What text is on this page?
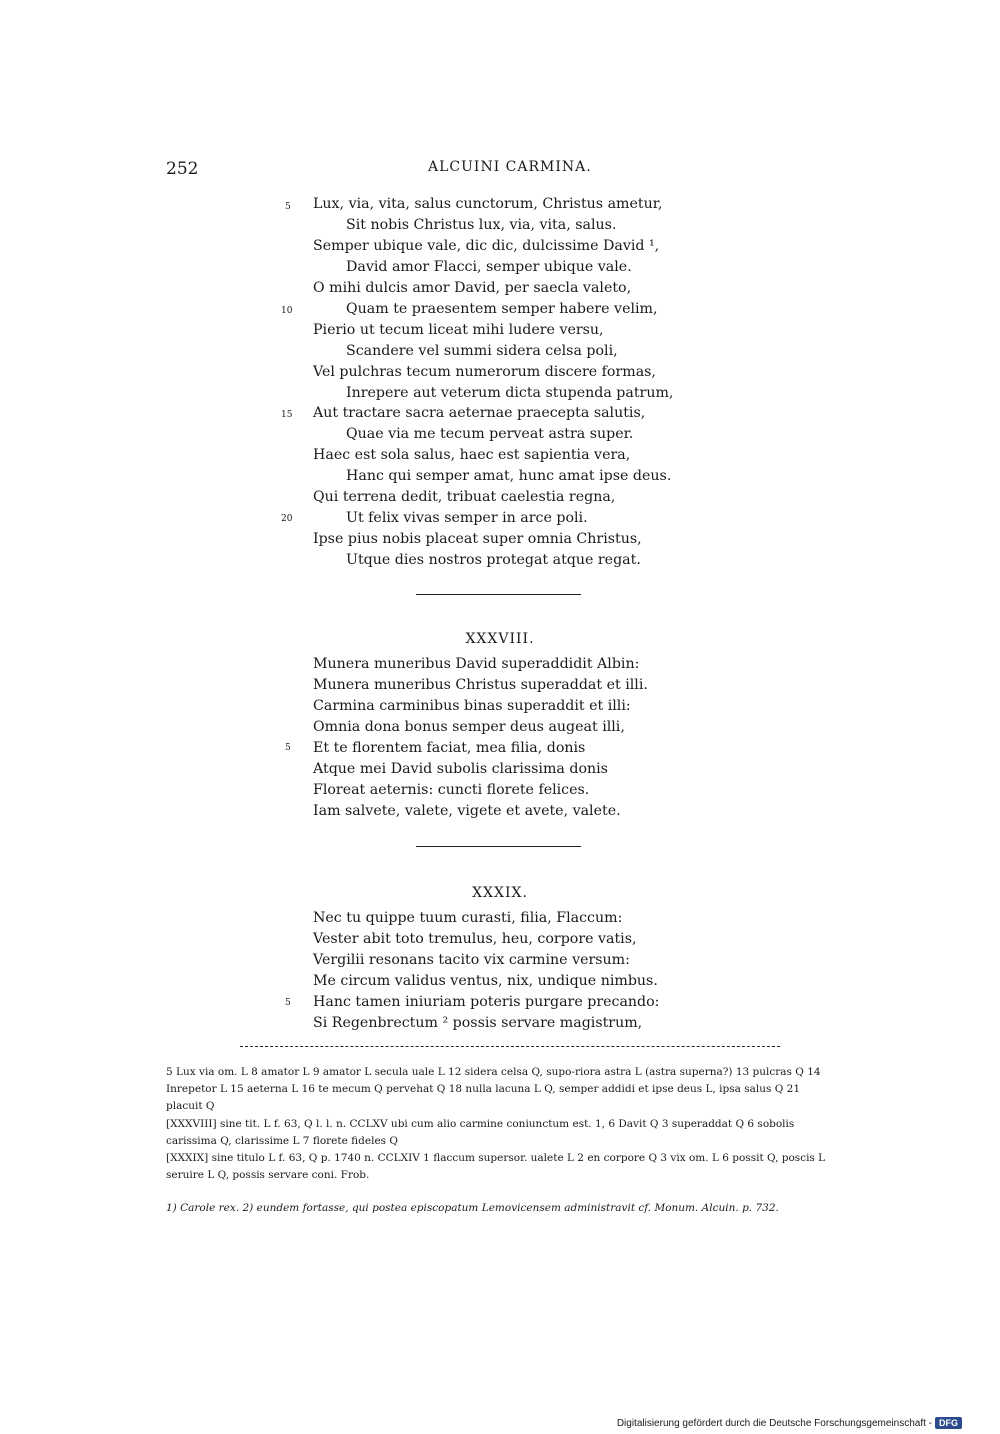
252	ALCUINI CARMINA.
5
10
15
20
Lux, via, vita, salus cunctorum, Christus ametur,
Sit nobis Christus lux, via, vita, salus.
Semper ubique vale, dic dic, dulcissime David ¹,
David amor Flacci, semper ubique vale.
O mihi dulcis amor David, per saecla valeto,
Quam te praesentem semper habere velim,
Pierio ut tecum liceat mihi ludere versu,
Scandere vel summi sidera celsa poli,
Vel pulchras tecum numerorum discere formas,
Inrepere aut veterum dicta stupenda patrum,
Aut tractare sacra aeternae praecepta salutis,
Quae via me tecum perveat astra super.
Haec est sola salus, haec est sapientia vera,
Hanc qui semper amat, hunc amat ipse deus.
Qui terrena dedit, tribuat caelestia regna,
Ut felix vivas semper in arce poli.
Ipse pius nobis placeat super omnia Christus,
Utque dies nostros protegat atque regat.
XXXVIII.
5
Munera muneribus David superaddidit Albin:
Munera muneribus Christus superaddat et illi.
Carmina carminibus binas superaddit et illi:
Omnia dona bonus semper deus augeat illi,
Et te florentem faciat, mea filia, donis
Atque mei David subolis clarissima donis
Floreat aeternis: cuncti florete felices.
Iam salvete, valete, vigete et avete, valete.
XXXIX.
5
Nec tu quippe tuum curasti, filia, Flaccum:
Vester abit toto tremulus, heu, corpore vatis,
Vergilii resonans tacito vix carmine versum:
Me circum validus ventus, nix, undique nimbus.
Hanc tamen iniuriam poteris purgare precando:
Si Regenbrectum ² possis servare magistrum,

5 Lux via om. L 8 amator L 9 amator L secula uale L 12 sidera celsa Q, supo-riora astra L (astra superna?) 13 pulcras Q 14 Inrepetor L 15 aeterna L 16 te mecum Q pervehat Q 18 nulla lacuna L Q, semper addidi et ipse deus L, ipsa salus Q 21 placuit Q

[XXXVIII] sine tit. L f. 63, Q l. l. n. CCLXV ubi cum alio carmine coniunctum est. 1, 6 Davit Q 3 superaddat Q 6 sobolis carissima Q, clarissime L 7 florete fideles Q

[XXXIX] sine titulo L f. 63, Q p. 1740 n. CCLXIV 1 flaccum supersor. ualete L 2 en corpore Q 3 vix om. L 6 possit Q, poscis L seruire L Q, possis servare coni. Frob.

1) Carole rex. 2) eundem fortasse, qui postea episcopatum Lemovicensem administravit cf. Monum. Alcuin. p. 732.

Digitalisierung gefördert durch die Deutsche Forschungsgemeinschaft - DFG
